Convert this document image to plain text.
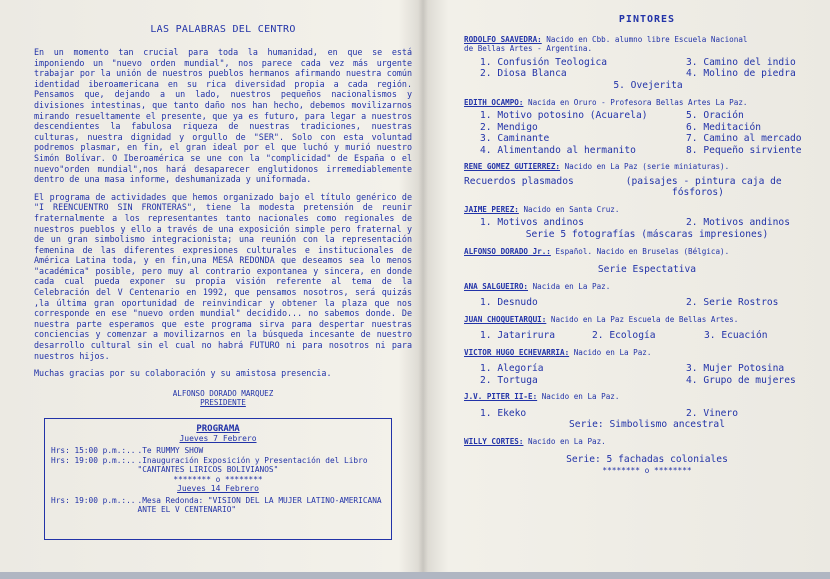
LAS PALABRAS DEL CENTRO
En un momento tan crucial para toda la humanidad, en que se está imponiendo un "nuevo orden mundial", nos parece cada vez más urgente trabajar por la unión de nuestros pueblos hermanos afirmando nuestra común identidad iberoamericana en su rica diversidad propia a cada región. Pensamos que, dejando a un lado, nuestros pequeños nacionalismos y divisiones intestinas, que tanto daño nos han hecho, debemos movilizarnos mirando resueltamente el presente, que ya es futuro, para legar a nuestros descendientes la fabulosa riqueza de nuestras tradiciones, nuestras culturas, nuestra dignidad y orgullo de "SER". Solo con esta voluntad podremos plasmar, en fin, el gran ideal por el que luchó y murió nuestro Simón Bolívar. O Iberoamérica se une con la "complicidad" de España o el nuevo"orden mundial",nos hará desaparecer englutidonos irremediablemente dentro de una masa informe, deshumanizada y uniformada.
El programa de actividades que hemos organizado bajo el título genérico de "I REENCUENTRO SIN FRONTERAS", tiene la modesta pretensión de reunir fraternalmente a los representantes tanto nacionales como regionales de nuestros pueblos y ello a través de una exposición simple pero fraternal y de un gran simbolismo integracionista; una reunión con la representación femenina de las diferentes expresiones culturales e institucionales de América Latina toda, y en fin,una MESA REDONDA que deseamos sea lo menos "académica" posible, pero muy al contrario expontanea y sincera, en donde cada cual pueda exponer su propia visión referente al tema de la Celebración del V Centenario en 1992, que pensamos nosotros, será quizás ,la última gran oportunidad de reinvindicar y obtener la plaza que nos corresponde en ese "nuevo orden mundial" decidido... no sabemos donde. De nuestra parte esperamos que este programa sirva para despertar nuestras conciencias y comenzar a movilizarnos en la búsqueda incesante de nuestro desarrollo cultural sin el cual no habrá FUTURO ni para nosotros ni para nuestros hijos.
Muchas gracias por su colaboración y su amistosa presencia.
ALFONSO DORADO MARQUEZ
PRESIDENTE
PROGRAMA
Jueves 7 Febrero
Hrs: 15:00 p.m.:.. .Te RUMMY SHOW
Hrs: 19:00 p.m.:.. .Inauguración Exposición y Presentación del Libro "CANTANTES LIRICOS BOLIVIANOS"
******** o ********
Jueves 14 Febrero
Hrs: 19:00 p.m.:.. .Mesa Redonda: "VISION DEL LA MUJER LATINO-AMERICANA ANTE EL V CENTENARIO"
PINTORES
RODOLFO SAAVEDRA: Nacido en Cbb. alumno libre Escuela Nacional
de Bellas Artes - Argentina.
1. Confusión Teologica	3. Camino del indio
2. Diosa Blanca	4. Molino de piedra
5. Ovejerita
EDITH OCAMPO: Nacida en Oruro - Profesora Bellas Artes La Paz.
1. Motivo potosino (Acuarela)	5. Oración
2. Mendigo	6. Meditación
3. Caminante	7. Camino al mercado
4. Alimentando al hermanito	8. Pequeño sirviente
RENE GOMEZ GUTIERREZ: Nacido en La Paz (serie miniaturas).
Recuerdos plasmados         (paisajes - pintura caja de
fósforos)
JAIME PEREZ: Nacido en Santa Cruz.
1. Motivos andinos	2. Motivos andinos
Serie 5 fotografías (máscaras impresiones)
ALFONSO DORADO Jr.: Español. Nacido en Bruselas (Bélgica).
Serie Espectativa
ANA SALGUEIRO: Nacida en La Paz.
1. Desnudo	2. Serie Rostros
JUAN CHOQUETARQUI: Nacido en La Paz Escuela de Bellas Artes.
1. Jatarirura	2. Ecología	3. Ecuación
VICTOR HUGO ECHEVARRIA: Nacido en La Paz.
1. Alegoría	3. Mujer Potosina
2. Tortuga	4. Grupo de mujeres
J.V. PITER II-E: Nacido en La Paz.
1. Ekeko	2. Vinero
Serie: Simbolismo ancestral
WILLY CORTES: Nacido en La Paz.
Serie: 5 fachadas coloniales
******** o ********
